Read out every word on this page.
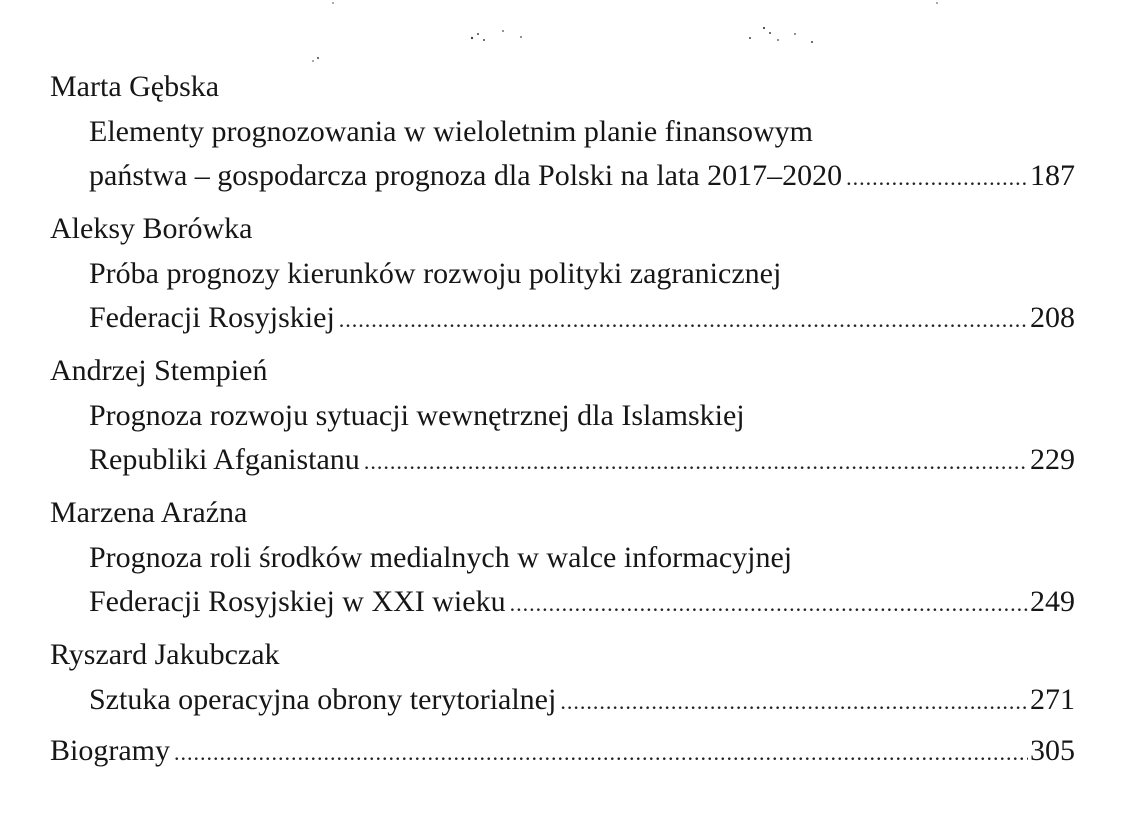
Marta Gębska
Elementy prognozowania w wieloletnim planie finansowym
państwa – gospodarcza prognoza dla Polski na lata 2017–2020 .....	187
Aleksy Borówka
Próba prognozy kierunków rozwoju polityki zagranicznej
Federacji Rosyjskiej .....	208
Andrzej Stempień
Prognoza rozwoju sytuacji wewnętrznej dla Islamskiej
Republiki Afganistanu .....	229
Marzena Araźna
Prognoza roli środków medialnych w walce informacyjnej
Federacji Rosyjskiej w XXI wieku .....	249
Ryszard Jakubczak
Sztuka operacyjna obrony terytorialnej .....	271
Biogramy .....	305
